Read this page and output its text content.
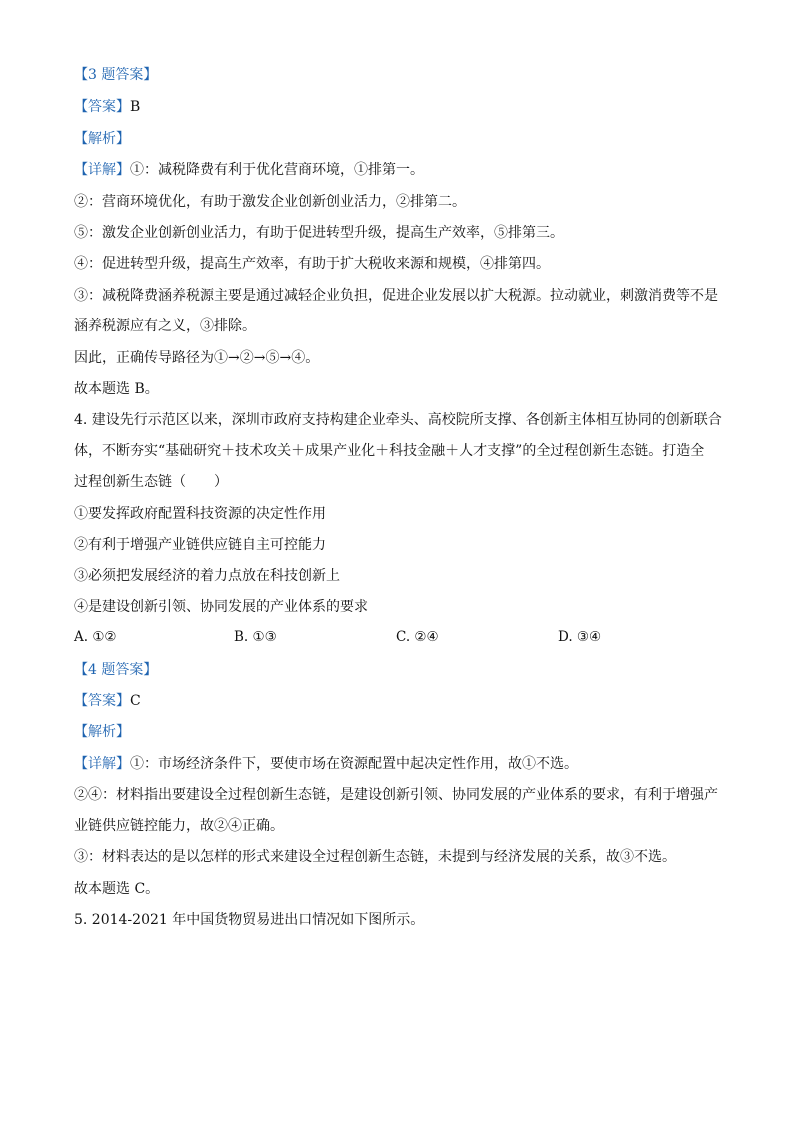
【3 题答案】
【答案】B
【解析】
【详解】①：减税降费有利于优化营商环境，①排第一。
②：营商环境优化，有助于激发企业创新创业活力，②排第二。
⑤：激发企业创新创业活力，有助于促进转型升级，提高生产效率，⑤排第三。
④：促进转型升级，提高生产效率，有助于扩大税收来源和规模，④排第四。
③：减税降费涵养税源主要是通过减轻企业负担，促进企业发展以扩大税源。拉动就业，刺激消费等不是
涵养税源应有之义，③排除。
因此，正确传导路径为①→②→⑤→④。
故本题选 B。
4. 建设先行示范区以来，深圳市政府支持构建企业牵头、高校院所支撑、各创新主体相互协同的创新联合
体，不断夯实“基础研究＋技术攻关＋成果产业化＋科技金融＋人才支撑”的全过程创新生态链。打造全
过程创新生态链（　　）
①要发挥政府配置科技资源的决定性作用
②有利于增强产业链供应链自主可控能力
③必须把发展经济的着力点放在科技创新上
④是建设创新引领、协同发展的产业体系的要求
A. ①②	B. ①③	C. ②④	D. ③④
【4 题答案】
【答案】C
【解析】
【详解】①：市场经济条件下，要使市场在资源配置中起决定性作用，故①不选。
②④：材料指出要建设全过程创新生态链，是建设创新引领、协同发展的产业体系的要求，有利于增强产
业链供应链控能力，故②④正确。
③：材料表达的是以怎样的形式来建设全过程创新生态链，未提到与经济发展的关系，故③不选。
故本题选 C。
5. 2014-2021 年中国货物贸易进出口情况如下图所示。
